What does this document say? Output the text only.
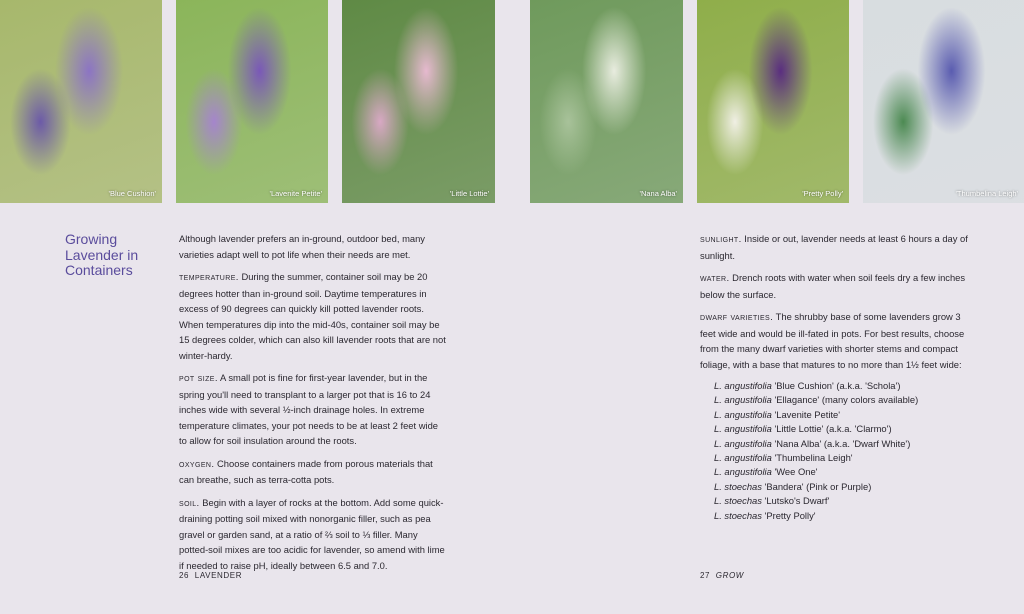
'Blue Cushion'	'Lavenite Petite'	'Little Lottie'	'Nana Alba'	'Pretty Polly'	'Thumbelina Leigh'
Growing Lavender in Containers

Although lavender prefers an in-ground, outdoor bed, many varieties adapt well to pot life when their needs are met.

temperature. During the summer, container soil may be 20 degrees hotter than in-ground soil. Daytime temperatures in excess of 90 degrees can quickly kill potted lavender roots. When temperatures dip into the mid-40s, container soil may be 15 degrees colder, which can also kill lavender roots that are not winter-hardy.

pot size. A small pot is fine for first-year lavender, but in the spring you'll need to transplant to a larger pot that is 16 to 24 inches wide with several ½-inch drainage holes. In extreme temperature climates, your pot needs to be at least 2 feet wide to allow for soil insulation around the roots.

oxygen. Choose containers made from porous materials that can breathe, such as terra-cotta pots.

soil. Begin with a layer of rocks at the bottom. Add some quick-draining potting soil mixed with nonorganic filler, such as pea gravel or garden sand, at a ratio of ⅔ soil to ⅓ filler. Many potted-soil mixes are too acidic for lavender, so amend with lime if needed to raise pH, ideally between 6.5 and 7.0.

sunlight. Inside or out, lavender needs at least 6 hours a day of sunlight.

water. Drench roots with water when soil feels dry a few inches below the surface.

dwarf varieties. The shrubby base of some lavenders grow 3 feet wide and would be ill-fated in pots. For best results, choose from the many dwarf varieties with shorter stems and compact foliage, with a base that matures to no more than 1½ feet wide:

L. angustifolia 'Blue Cushion' (a.k.a. 'Schola')
L. angustifolia 'Ellagance' (many colors available)
L. angustifolia 'Lavenite Petite'
L. angustifolia 'Little Lottie' (a.k.a. 'Clarmo')
L. angustifolia 'Nana Alba' (a.k.a. 'Dwarf White')
L. angustifolia 'Thumbelina Leigh'
L. angustifolia 'Wee One'
L. stoechas 'Bandera' (Pink or Purple)
L. stoechas 'Lutsko's Dwarf'
L. stoechas 'Pretty Polly'
26 LAVENDER	27 GROW
